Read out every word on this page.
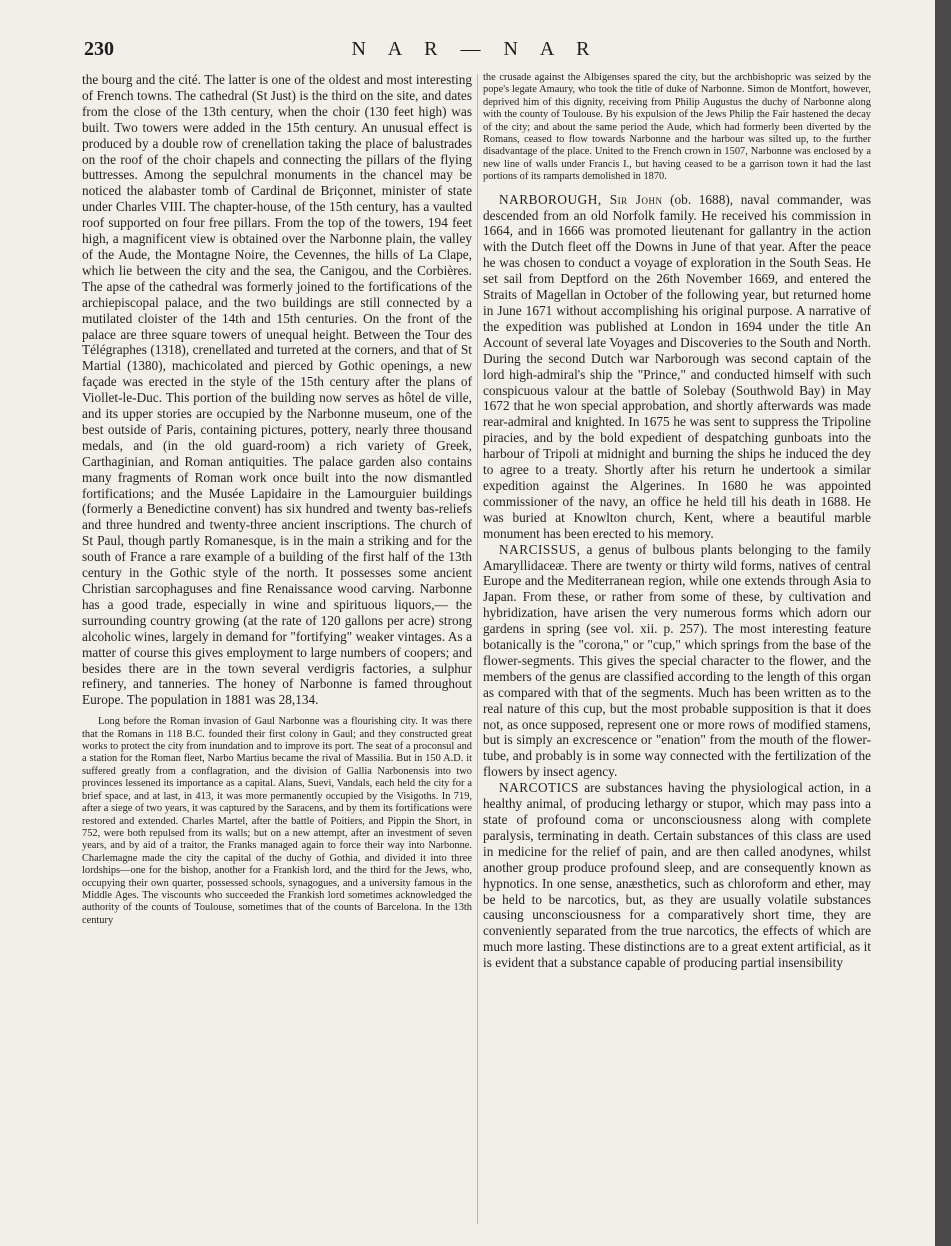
230	N A R — N A R

the bourg and the cité. The latter is one of the oldest and most interesting of French towns. The cathedral (St Just) is the third on the site, and dates from the close of the 13th century, when the choir (130 feet high) was built. Two towers were added in the 15th century. An unusual effect is produced by a double row of crenellation taking the place of balustrades on the roof of the choir chapels and connecting the pillars of the flying buttresses. Among the sepulchral monuments in the chancel may be noticed the alabaster tomb of Cardinal de Briçonnet, minister of state under Charles VIII. The chapter-house, of the 15th century, has a vaulted roof supported on four free pillars. From the top of the towers, 194 feet high, a magnificent view is obtained over the Narbonne plain, the valley of the Aude, the Montagne Noire, the Cevennes, the hills of La Clape, which lie between the city and the sea, the Canigou, and the Corbières. The apse of the cathedral was formerly joined to the fortifications of the archiepiscopal palace, and the two buildings are still connected by a mutilated cloister of the 14th and 15th centuries. On the front of the palace are three square towers of unequal height. Between the Tour des Télégraphes (1318), crenellated and turreted at the corners, and that of St Martial (1380), machicolated and pierced by Gothic openings, a new façade was erected in the style of the 15th century after the plans of Viollet-le-Duc. This portion of the building now serves as hôtel de ville, and its upper stories are occupied by the Narbonne museum, one of the best outside of Paris, containing pictures, pottery, nearly three thousand medals, and (in the old guard-room) a rich variety of Greek, Carthaginian, and Roman antiquities. The palace garden also contains many fragments of Roman work once built into the now dismantled fortifications; and the Musée Lapidaire in the Lamourguier buildings (formerly a Benedictine convent) has six hundred and twenty bas-reliefs and three hundred and twenty-three ancient inscriptions. The church of St Paul, though partly Romanesque, is in the main a striking and for the south of France a rare example of a building of the first half of the 13th century in the Gothic style of the north. It possesses some ancient Christian sarcophaguses and fine Renaissance wood carving. Narbonne has a good trade, especially in wine and spirituous liquors,— the surrounding country growing (at the rate of 120 gallons per acre) strong alcoholic wines, largely in demand for "fortifying" weaker vintages. As a matter of course this gives employment to large numbers of coopers; and besides there are in the town several verdigris factories, a sulphur refinery, and tanneries. The honey of Narbonne is famed throughout Europe. The population in 1881 was 28,134.

Long before the Roman invasion of Gaul Narbonne was a flourishing city. It was there that the Romans in 118 B.C. founded their first colony in Gaul; and they constructed great works to protect the city from inundation and to improve its port. The seat of a proconsul and a station for the Roman fleet, Narbo Martius became the rival of Massilia. But in 150 A.D. it suffered greatly from a conflagration, and the division of Gallia Narbonensis into two provinces lessened its importance as a capital. Alans, Suevi, Vandals, each held the city for a brief space, and at last, in 413, it was more permanently occupied by the Visigoths. In 719, after a siege of two years, it was captured by the Saracens, and by them its fortifications were restored and extended. Charles Martel, after the battle of Poitiers, and Pippin the Short, in 752, were both repulsed from its walls; but on a new attempt, after an investment of seven years, and by aid of a traitor, the Franks managed again to force their way into Narbonne. Charlemagne made the city the capital of the duchy of Gothia, and divided it into three lordships—one for the bishop, another for a Frankish lord, and the third for the Jews, who, occupying their own quarter, possessed schools, synagogues, and a university famous in the Middle Ages. The viscounts who succeeded the Frankish lord sometimes acknowledged the authority of the counts of Toulouse, sometimes that of the counts of Barcelona. In the 13th century

the crusade against the Albigenses spared the city, but the archbishopric was seized by the pope's legate Amaury, who took the title of duke of Narbonne. Simon de Montfort, however, deprived him of this dignity, receiving from Philip Augustus the duchy of Narbonne along with the county of Toulouse. By his expulsion of the Jews Philip the Fair hastened the decay of the city; and about the same period the Aude, which had formerly been diverted by the Romans, ceased to flow towards Narbonne and the harbour was silted up, to the further disadvantage of the place. United to the French crown in 1507, Narbonne was enclosed by a new line of walls under Francis I., but having ceased to be a garrison town it had the last portions of its ramparts demolished in 1870.

NARBOROUGH, Sir John (ob. 1688), naval commander, was descended from an old Norfolk family. He received his commission in 1664, and in 1666 was promoted lieutenant for gallantry in the action with the Dutch fleet off the Downs in June of that year. After the peace he was chosen to conduct a voyage of exploration in the South Seas. He set sail from Deptford on the 26th November 1669, and entered the Straits of Magellan in October of the following year, but returned home in June 1671 without accomplishing his original purpose. A narrative of the expedition was published at London in 1694 under the title An Account of several late Voyages and Discoveries to the South and North. During the second Dutch war Narborough was second captain of the lord high-admiral's ship the "Prince," and conducted himself with such conspicuous valour at the battle of Solebay (Southwold Bay) in May 1672 that he won special approbation, and shortly afterwards was made rear-admiral and knighted. In 1675 he was sent to suppress the Tripoline piracies, and by the bold expedient of despatching gunboats into the harbour of Tripoli at midnight and burning the ships he induced the dey to agree to a treaty. Shortly after his return he undertook a similar expedition against the Algerines. In 1680 he was appointed commissioner of the navy, an office he held till his death in 1688. He was buried at Knowlton church, Kent, where a beautiful marble monument has been erected to his memory.

NARCISSUS, a genus of bulbous plants belonging to the family Amaryllidaceæ. There are twenty or thirty wild forms, natives of central Europe and the Mediterranean region, while one extends through Asia to Japan. From these, or rather from some of these, by cultivation and hybridization, have arisen the very numerous forms which adorn our gardens in spring (see vol. xii. p. 257). The most interesting feature botanically is the "corona," or "cup," which springs from the base of the flower-segments. This gives the special character to the flower, and the members of the genus are classified according to the length of this organ as compared with that of the segments. Much has been written as to the real nature of this cup, but the most probable supposition is that it does not, as once supposed, represent one or more rows of modified stamens, but is simply an excrescence or "enation" from the mouth of the flower-tube, and probably is in some way connected with the fertilization of the flowers by insect agency.

NARCOTICS are substances having the physiological action, in a healthy animal, of producing lethargy or stupor, which may pass into a state of profound coma or unconsciousness along with complete paralysis, terminating in death. Certain substances of this class are used in medicine for the relief of pain, and are then called anodynes, whilst another group produce profound sleep, and are consequently known as hypnotics. In one sense, anæsthetics, such as chloroform and ether, may be held to be narcotics, but, as they are usually volatile substances causing unconsciousness for a comparatively short time, they are conveniently separated from the true narcotics, the effects of which are much more lasting. These distinctions are to a great extent artificial, as it is evident that a substance capable of producing partial insensibility
